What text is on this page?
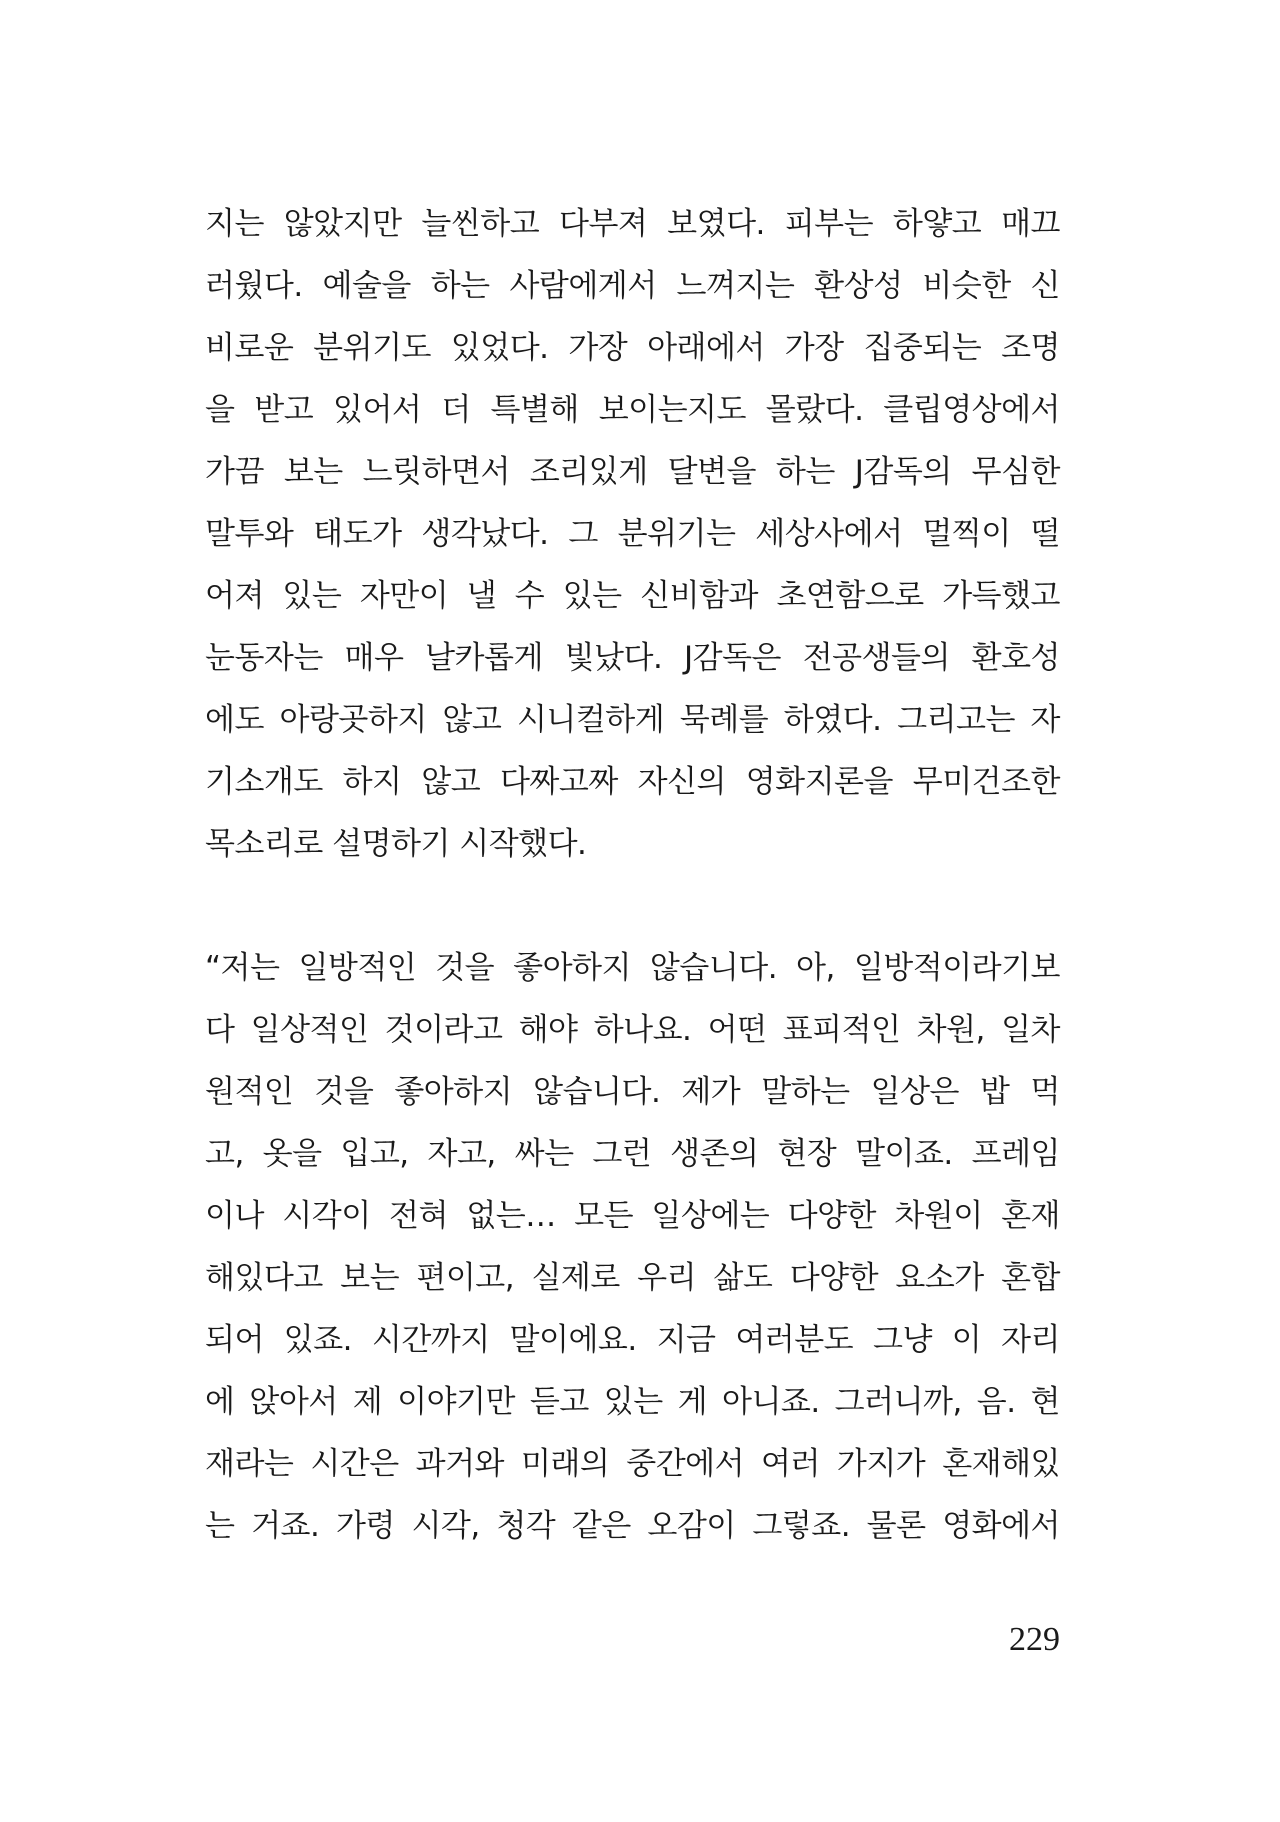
지는 않았지만 늘씬하고 다부져 보였다. 피부는 하얗고 매끄
러웠다. 예술을 하는 사람에게서 느껴지는 환상성 비슷한 신
비로운 분위기도 있었다. 가장 아래에서 가장 집중되는 조명
을 받고 있어서 더 특별해 보이는지도 몰랐다. 클립영상에서
가끔 보는 느릿하면서 조리있게 달변을 하는 J감독의 무심한
말투와 태도가 생각났다. 그 분위기는 세상사에서 멀찍이 떨
어져 있는 자만이 낼 수 있는 신비함과 초연함으로 가득했고
눈동자는 매우 날카롭게 빛났다. J감독은 전공생들의 환호성
에도 아랑곳하지 않고 시니컬하게 묵례를 하였다. 그리고는 자
기소개도 하지 않고 다짜고짜 자신의 영화지론을 무미건조한
목소리로 설명하기 시작했다.

“저는 일방적인 것을 좋아하지 않습니다. 아, 일방적이라기보
다 일상적인 것이라고 해야 하나요. 어떤 표피적인 차원, 일차
원적인 것을 좋아하지 않습니다. 제가 말하는 일상은 밥 먹
고, 옷을 입고, 자고, 싸는 그런 생존의 현장 말이죠. 프레임
이나 시각이 전혀 없는… 모든 일상에는 다양한 차원이 혼재
해있다고 보는 편이고, 실제로 우리 삶도 다양한 요소가 혼합
되어 있죠. 시간까지 말이에요. 지금 여러분도 그냥 이 자리
에 앉아서 제 이야기만 듣고 있는 게 아니죠. 그러니까, 음. 현
재라는 시간은 과거와 미래의 중간에서 여러 가지가 혼재해있
는 거죠. 가령 시각, 청각 같은 오감이 그렇죠. 물론 영화에서

229
